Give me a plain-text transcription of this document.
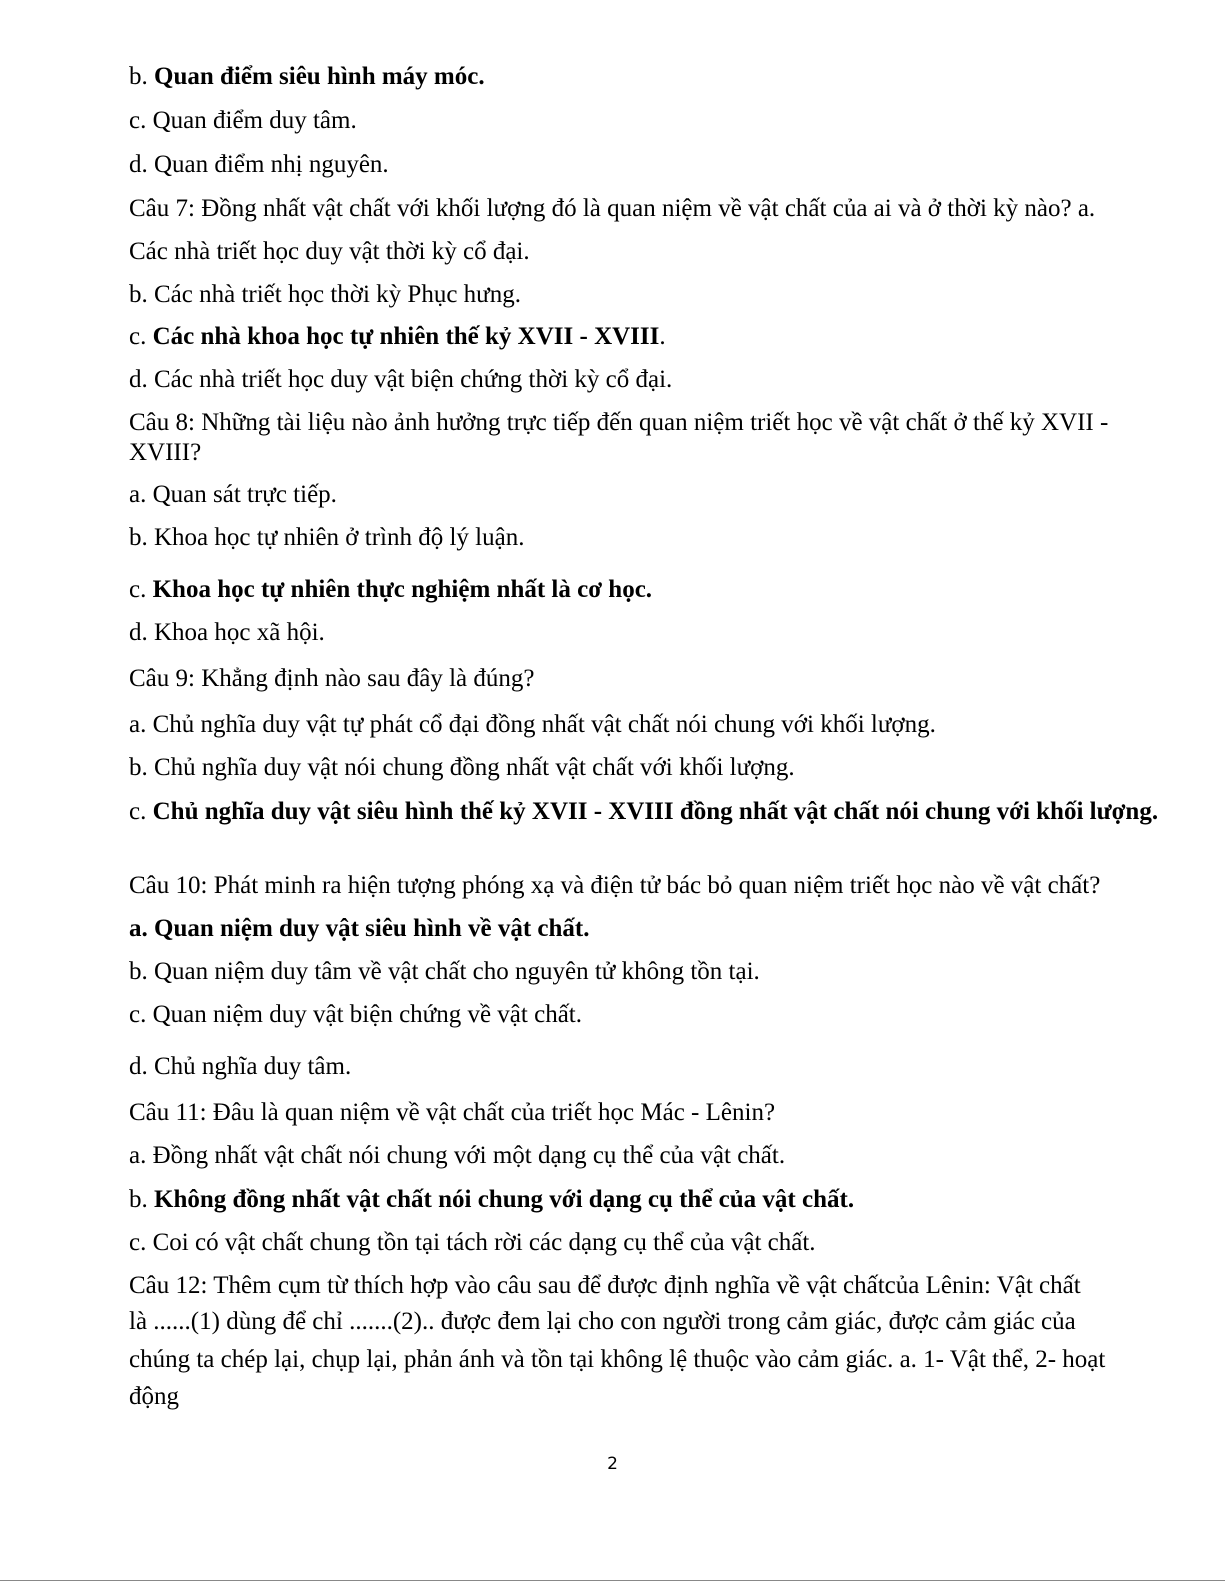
b. Quan điểm siêu hình máy móc.
c. Quan điểm duy tâm.
d. Quan điểm nhị nguyên.
Câu 7: Đồng nhất vật chất với khối lượng đó là quan niệm về vật chất của ai và ở thời kỳ nào? a.
Các nhà triết học duy vật thời kỳ cổ đại.
b. Các nhà triết học thời kỳ Phục hưng.
c. Các nhà khoa học tự nhiên thế kỷ XVII - XVIII.
d. Các nhà triết học duy vật biện chứng thời kỳ cổ đại.
Câu 8: Những tài liệu nào ảnh hưởng trực tiếp đến quan niệm triết học về vật chất ở thế kỷ XVII -
XVIII?
a. Quan sát trực tiếp.
b. Khoa học tự nhiên ở trình độ lý luận.
c. Khoa học tự nhiên thực nghiệm nhất là cơ học.
d. Khoa học xã hội.
Câu 9: Khẳng định nào sau đây là đúng?
a. Chủ nghĩa duy vật tự phát cổ đại đồng nhất vật chất nói chung với khối lượng.
b. Chủ nghĩa duy vật nói chung đồng nhất vật chất với khối lượng.
c. Chủ nghĩa duy vật siêu hình thế kỷ XVII - XVIII đồng nhất vật chất nói chung với khối lượng.
Câu 10: Phát minh ra hiện tượng phóng xạ và điện tử bác bỏ quan niệm triết học nào về vật chất?
a. Quan niệm duy vật siêu hình về vật chất.
b. Quan niệm duy tâm về vật chất cho nguyên tử không tồn tại.
c. Quan niệm duy vật biện chứng về vật chất.
d. Chủ nghĩa duy tâm.
Câu 11: Đâu là quan niệm về vật chất của triết học Mác - Lênin?
a. Đồng nhất vật chất nói chung với một dạng cụ thể của vật chất.
b. Không đồng nhất vật chất nói chung với dạng cụ thể của vật chất.
c. Coi có vật chất chung tồn tại tách rời các dạng cụ thể của vật chất.
Câu 12: Thêm cụm từ thích hợp vào câu sau để được định nghĩa về vật chấtcủa Lênin: Vật chất
là ......(1) dùng để chỉ .......(2).. được đem lại cho con người trong cảm giác, được cảm giác của
chúng ta chép lại, chụp lại, phản ánh và tồn tại không lệ thuộc vào cảm giác. a. 1- Vật thể, 2- hoạt
động
2
